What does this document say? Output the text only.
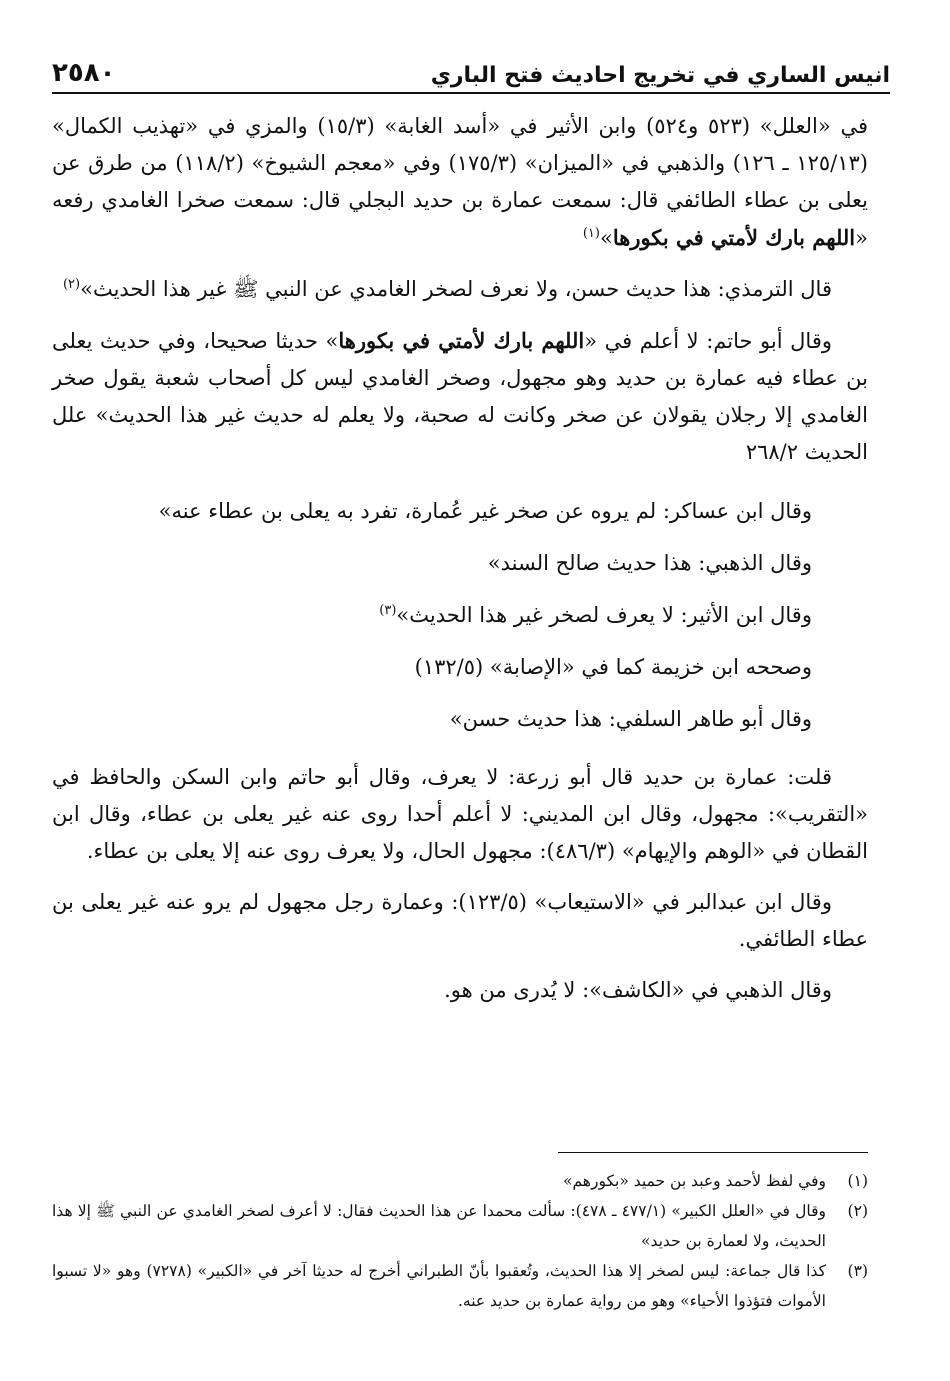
انيس الساري في تخريج احاديث فتح الباري
٢٥٨٠

في «العلل» (٥٢٣ و٥٢٤) وابن الأثير في «أسد الغابة» (١٥/٣) والمزي في «تهذيب الكمال» (١٢٥/١٣ ـ ١٢٦) والذهبي في «الميزان» (١٧٥/٣) وفي «معجم الشيوخ» (١١٨/٢) من طرق عن يعلى بن عطاء الطائفي قال: سمعت عمارة بن حديد البجلي قال: سمعت صخرا الغامدي رفعه «اللهم بارك لأمتي في بكورها»$^{(١)}$

قال الترمذي: هذا حديث حسن، ولا نعرف لصخر الغامدي عن النبي ﷺ غير هذا الحديث»$^{(٢)}$

وقال أبو حاتم: لا أعلم في «اللهم بارك لأمتي في بكورها» حديثا صحيحا، وفي حديث يعلى بن عطاء فيه عمارة بن حديد وهو مجهول، وصخر الغامدي ليس كل أصحاب شعبة يقول صخر الغامدي إلا رجلان يقولان عن صخر وكانت له صحبة، ولا يعلم له حديث غير هذا الحديث» علل الحديث ٢٦٨/٢

وقال ابن عساكر: لم يروه عن صخر غير عُمارة، تفرد به يعلى بن عطاء عنه»

وقال الذهبي: هذا حديث صالح السند»

وقال ابن الأثير: لا يعرف لصخر غير هذا الحديث»$^{(٣)}$

وصححه ابن خزيمة كما في «الإصابة» (١٣٢/٥)

وقال أبو طاهر السلفي: هذا حديث حسن»

قلت: عمارة بن حديد قال أبو زرعة: لا يعرف، وقال أبو حاتم وابن السكن والحافظ في «التقريب»: مجهول، وقال ابن المديني: لا أعلم أحدا روى عنه غير يعلى بن عطاء، وقال ابن القطان في «الوهم والإيهام» (٤٨٦/٣): مجهول الحال، ولا يعرف روى عنه إلا يعلى بن عطاء.

وقال ابن عبدالبر في «الاستيعاب» (١٢٣/٥): وعمارة رجل مجهول لم يرو عنه غير يعلى بن عطاء الطائفي.

وقال الذهبي في «الكاشف»: لا يُدرى من هو.

(١)
وفي لفظ لأحمد وعبد بن حميد «بكورهم»
(٢)
وقال في «العلل الكبير» (٤٧٧/١ ـ ٤٧٨): سألت محمدا عن هذا الحديث فقال: لا أعرف لصخر الغامدي عن النبي ﷺ إلا هذا الحديث، ولا لعمارة بن حديد»
(٣)
كذا قال جماعة: ليس لصخر إلا هذا الحديث، وتُعقبوا بأنّ الطبراني أخرج له حديثا آخر في «الكبير» (٧٢٧٨) وهو «لا تسبوا الأموات فتؤذوا الأحياء» وهو من رواية عمارة بن حديد عنه.
